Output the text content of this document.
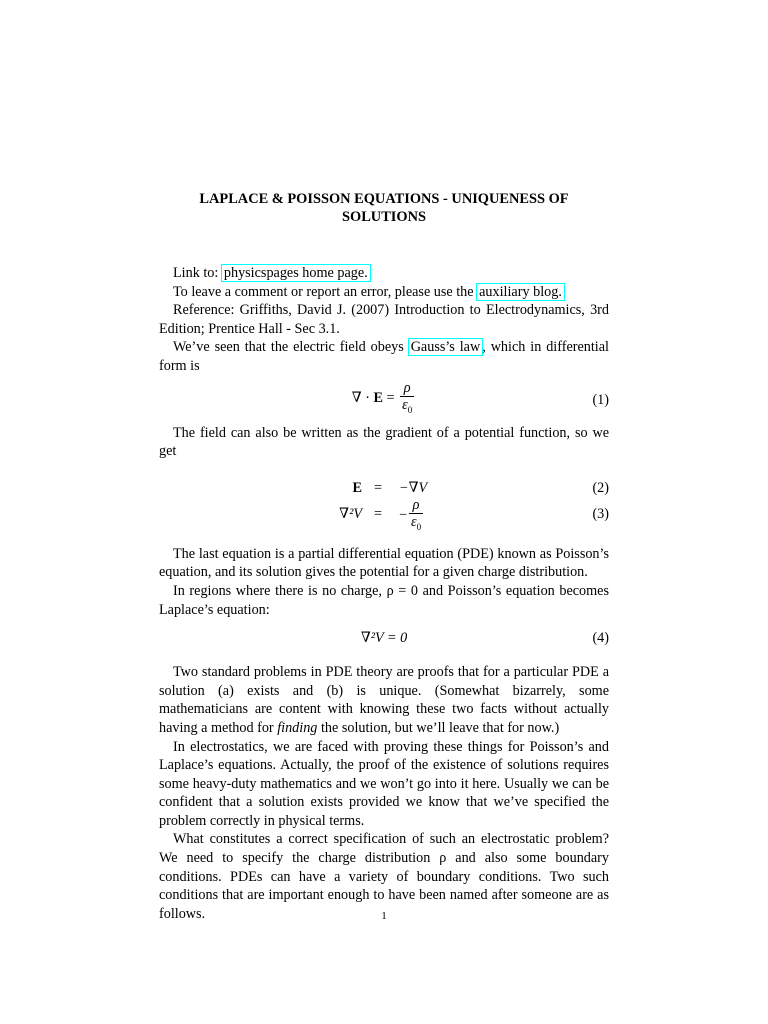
LAPLACE & POISSON EQUATIONS - UNIQUENESS OF
SOLUTIONS

Link to: physicspages home page.

To leave a comment or report an error, please use the auxiliary blog.

Reference: Griffiths, David J. (2007) Introduction to Electrodynamics, 3rd Edition; Prentice Hall - Sec 3.1.

We’ve seen that the electric field obeys Gauss’s law , which in differential form is

∇ · $E = \frac{\rho}{\varepsilon_0}$	(1)

The field can also be written as the gradient of a potential function, so we get

E = −∇V	(2)
∇²V = − $\frac{\rho}{\varepsilon_0}$	(3)

The last equation is a partial differential equation (PDE) known as Poisson’s equation, and its solution gives the potential for a given charge distribution.

In regions where there is no charge, ρ = 0 and Poisson’s equation becomes Laplace’s equation:

∇²V = 0	(4)

Two standard problems in PDE theory are proofs that for a particular PDE a solution (a) exists and (b) is unique. (Somewhat bizarrely, some mathematicians are content with knowing these two facts without actually having a method for finding the solution, but we’ll leave that for now.)

In electrostatics, we are faced with proving these things for Poisson’s and Laplace’s equations. Actually, the proof of the existence of solutions requires some heavy-duty mathematics and we won’t go into it here. Usually we can be confident that a solution exists provided we know that we’ve specified the problem correctly in physical terms.

What constitutes a correct specification of such an electrostatic problem? We need to specify the charge distribution ρ and also some boundary conditions. PDEs can have a variety of boundary conditions. Two such conditions that are important enough to have been named after someone are as follows.	1
